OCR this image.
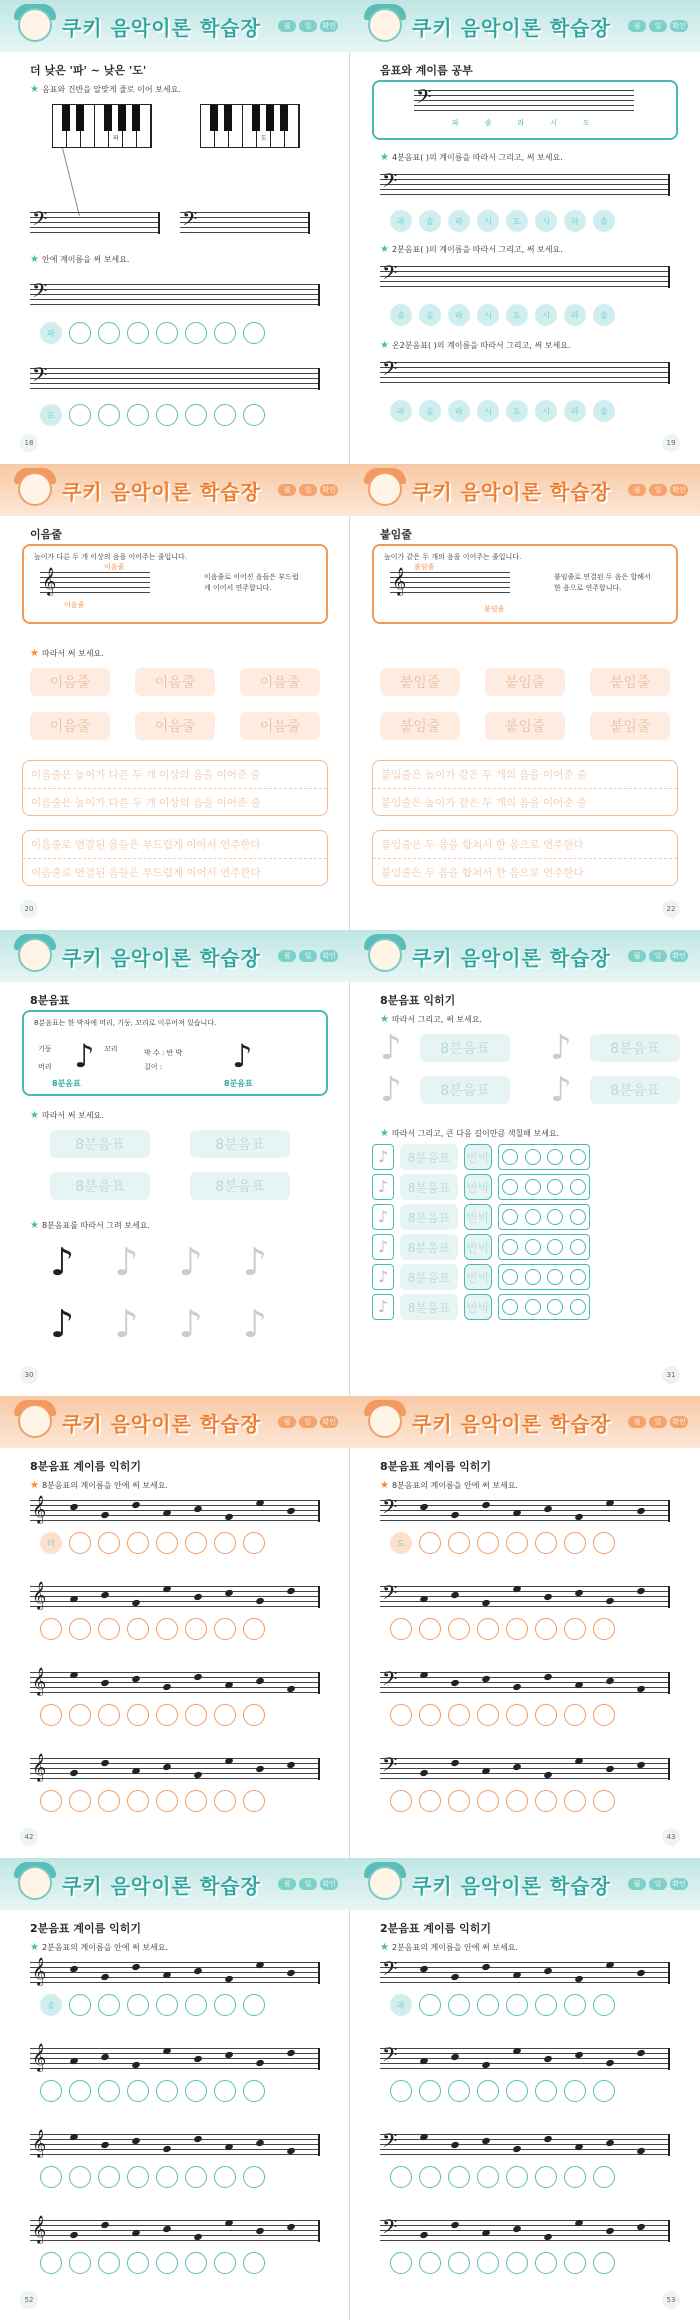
쿠키 음악이론 학습장	월	일	확인
더 낮은 '파' ~ 낮은 '도'
★ 음표와 건반을 알맞게 줄로 이어 보세요.
파	도
𝄢	𝄢
★ 안에 계이름을 써 보세요.
𝄢
파
𝄢
도
18
쿠키 음악이론 학습장	월	일	확인
음표와 계이름 공부
𝄢
파	솔	라	시	도
★ 4분음표( )의 계이름을 따라서 그리고, 써 보세요.
𝄢
파	솔	라	시	도	시	라	솔
★ 2분음표( )의 계이름을 따라서 그리고, 써 보세요.
𝄢
솔	솔	라	시	도	시	라	솔
★ 온2분음표( )의 계이름을 따라서 그리고, 써 보세요.
𝄢
파	솔	라	시	도	시	라	솔
19
쿠키 음악이론 학습장	월	일	확인
이음줄
높이가 다른 두 개 이상의 음을 이어주는 줄입니다.
𝄞	이음줄
이음줄
이음줄로 이어진 음들은 부드럽게 이어서 연주합니다.
★ 따라서 써 보세요.
이음줄	이음줄	이음줄
이음줄	이음줄	이음줄
이음줄은 높이가 다른 두 개 이상의 음을 이어준 줄
이음줄은 높이가 다른 두 개 이상의 음을 이어준 줄
이음줄로 연결된 음들은 부드럽게 이어서 연주한다
이음줄로 연결된 음들은 부드럽게 이어서 연주한다
20
쿠키 음악이론 학습장	월	일	확인
붙임줄
높이가 같은 두 개의 음을 이어주는 줄입니다.
𝄞 붙임줄
붙임줄
붙임줄로 연결된 두 음은 합해서 한 음으로 연주합니다.
붙임줄	붙임줄	붙임줄
붙임줄	붙임줄	붙임줄
붙임줄은 높이가 같은 두 개의 음을 이어준 줄
붙임줄은 높이가 같은 두 개의 음을 이어준 줄
붙임줄은 두 음을 합쳐서 한 음으로 연주한다
붙임줄은 두 음을 합쳐서 한 음으로 연주한다
22
쿠키 음악이론 학습장	월	일	확인
8분음표
8분음표는 한 박자에 머리, 기둥, 꼬리로 이루어져 있습니다.
♪
기둥	꼬리
머리
박 수 : 반 박
길이 : ♪
8분음표	8분음표
★ 따라서 써 보세요.
8분음표	8분음표
8분음표	8분음표
★ 8분음표를 따라서 그려 보세요.
♪ ♪ ♪ ♪
♪ ♪ ♪ ♪
30
쿠키 음악이론 학습장	월	일	확인
8분음표 익히기
★ 따라서 그리고, 써 보세요.
♪	8분음표	♪	8분음표
♪	8분음표	♪	8분음표
★ 따라서 그리고, 큰 다음 길이만큼 색칠해 보세요.
♪	8분음표	반박
♪	8분음표	반박
♪	8분음표	반박
♪	8분음표	반박
♪	8분음표	반박
♪	8분음표	반박
31
쿠키 음악이론 학습장	월	일	확인
8분음표 계이름 익히기
★ 8분음표의 계이름을 안에 써 보세요.
𝄞
미
𝄞
𝄞
𝄞
42
쿠키 음악이론 학습장	월	일	확인
8분음표 계이름 익히기
★ 8분음표의 계이름을 안에 써 보세요.
𝄢
도
𝄢
𝄢
𝄢
43
쿠키 음악이론 학습장	월	일	확인
2분음표 계이름 익히기
★ 2분음표의 계이름을 안에 써 보세요.
𝄞
솔
𝄞
𝄞
𝄞
52
쿠키 음악이론 학습장	월	일	확인
2분음표 계이름 익히기
★ 2분음표의 계이름을 안에 써 보세요.
𝄢
파
𝄢
𝄢
𝄢
53
